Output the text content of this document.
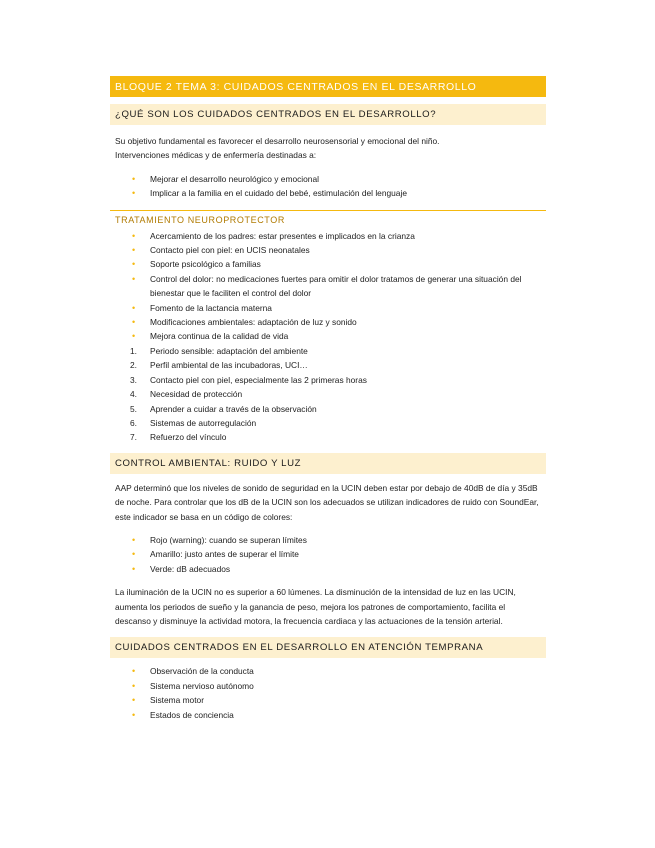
BLOQUE 2 TEMA 3: CUIDADOS CENTRADOS EN EL DESARROLLO
¿QUÉ SON LOS CUIDADOS CENTRADOS EN EL DESARROLLO?

Su objetivo fundamental es favorecer el desarrollo neurosensorial y emocional del niño.

Intervenciones médicas y de enfermería destinadas a:

• Mejorar el desarrollo neurológico y emocional
• Implicar a la familia en el cuidado del bebé, estimulación del lenguaje
TRATAMIENTO NEUROPROTECTOR
• Acercamiento de los padres: estar presentes e implicados en la crianza
• Contacto piel con piel: en UCIS neonatales
• Soporte psicológico a familias
• Control del dolor: no medicaciones fuertes para omitir el dolor tratamos de generar una situación del bienestar que le faciliten el control del dolor
• Fomento de la lactancia materna
• Modificaciones ambientales: adaptación de luz y sonido
• Mejora continua de la calidad de vida
1. Periodo sensible: adaptación del ambiente
2. Perfil ambiental de las incubadoras, UCI…
3. Contacto piel con piel, especialmente las 2 primeras horas
4. Necesidad de protección
5. Aprender a cuidar a través de la observación
6. Sistemas de autorregulación
7. Refuerzo del vínculo
CONTROL AMBIENTAL: RUIDO Y LUZ

AAP determinó que los niveles de sonido de seguridad en la UCIN deben estar por debajo de 40dB de día y 35dB de noche. Para controlar que los dB de la UCIN son los adecuados se utilizan indicadores de ruido con SoundEar, este indicador se basa en un código de colores:

• Rojo (warning): cuando se superan límites
• Amarillo: justo antes de superar el límite
• Verde: dB adecuados

La iluminación de la UCIN no es superior a 60 lúmenes. La disminución de la intensidad de luz en las UCIN, aumenta los periodos de sueño y la ganancia de peso, mejora los patrones de comportamiento, facilita el descanso y disminuye la actividad motora, la frecuencia cardiaca y las actuaciones de la tensión arterial.

CUIDADOS CENTRADOS EN EL DESARROLLO EN ATENCIÓN TEMPRANA
• Observación de la conducta
• Sistema nervioso autónomo
• Sistema motor
• Estados de conciencia
